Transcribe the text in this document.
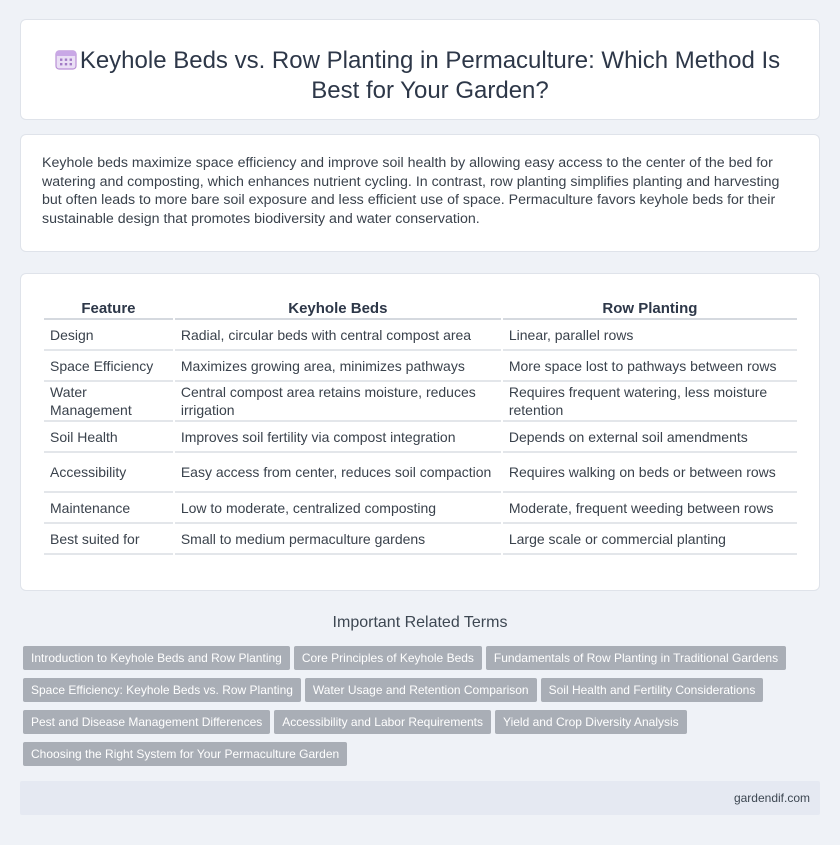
Keyhole Beds vs. Row Planting in Permaculture: Which Method Is Best for Your Garden?

Keyhole beds maximize space efficiency and improve soil health by allowing easy access to the center of the bed for watering and composting, which enhances nutrient cycling. In contrast, row planting simplifies planting and harvesting but often leads to more bare soil exposure and less efficient use of space. Permaculture favors keyhole beds for their sustainable design that promotes biodiversity and water conservation.

Feature	Keyhole Beds	Row Planting
Design	Radial, circular beds with central compost area	Linear, parallel rows
Space Efficiency	Maximizes growing area, minimizes pathways	More space lost to pathways between rows
Water Management	Central compost area retains moisture, reduces irrigation	Requires frequent watering, less moisture retention
Soil Health	Improves soil fertility via compost integration	Depends on external soil amendments
Accessibility	Easy access from center, reduces soil compaction	Requires walking on beds or between rows
Maintenance	Low to moderate, centralized composting	Moderate, frequent weeding between rows
Best suited for	Small to medium permaculture gardens	Large scale or commercial planting
Important Related Terms
Introduction to Keyhole Beds and Row Planting Core Principles of Keyhole Beds Fundamentals of Row Planting in Traditional Gardens
Space Efficiency: Keyhole Beds vs. Row Planting Water Usage and Retention Comparison Soil Health and Fertility Considerations
Pest and Disease Management Differences Accessibility and Labor Requirements Yield and Crop Diversity Analysis
Choosing the Right System for Your Permaculture Garden
gardendif.com
